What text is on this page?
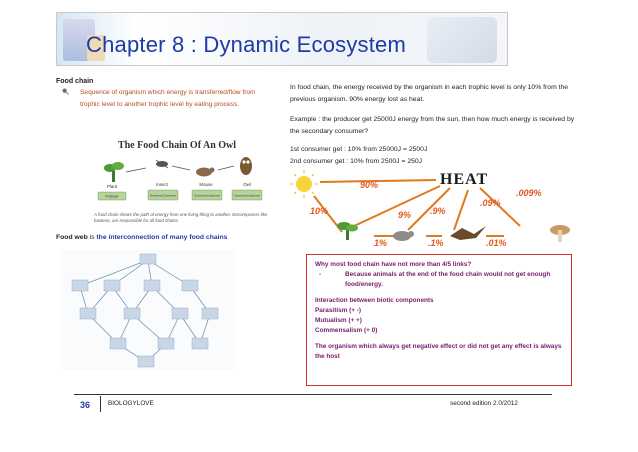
Chapter 8 : Dynamic Ecosystem
Food chain
Sequence of organism which energy is transferred/flow from trophic level to another trophic level by eating process.
The Food Chain Of An Owl
Plant	Insect	Mouse	Owl
Producer	Herbivore/Consumer	Omnivore/Consumer	Carnivore/Consumer
A food chain shows the path of energy from one living thing to another. Decomposers like bacteria, are responsible for all food chains.
Food web is the interconnection of many food chains
In food chain, the energy received by the organism in each trophic level is only 10% from the previous organism. 90% energy lost as heat.
Example : the producer get 25000J energy from the sun, then how much energy is received by the secondary consumer?
1st consumer get : 10% from 25000J = 2500J
2nd consumer get : 10% from 2500J = 250J
HEAT
90%
9% .9%
.09%
.009%
10%
1%	.1%	.01%
Why most food chain have not more than 4/5 links?
-	Because animals at the end of the food chain would not get enough food/energy.
Interaction between biotic components
Parasitism (+ -)
Mutualism (+ +)
Commensalism (+ 0)
The organism which always get negative effect or did not get any effect is always the host
36	BIOLOGYLOVE	second edition 2.0/2012
